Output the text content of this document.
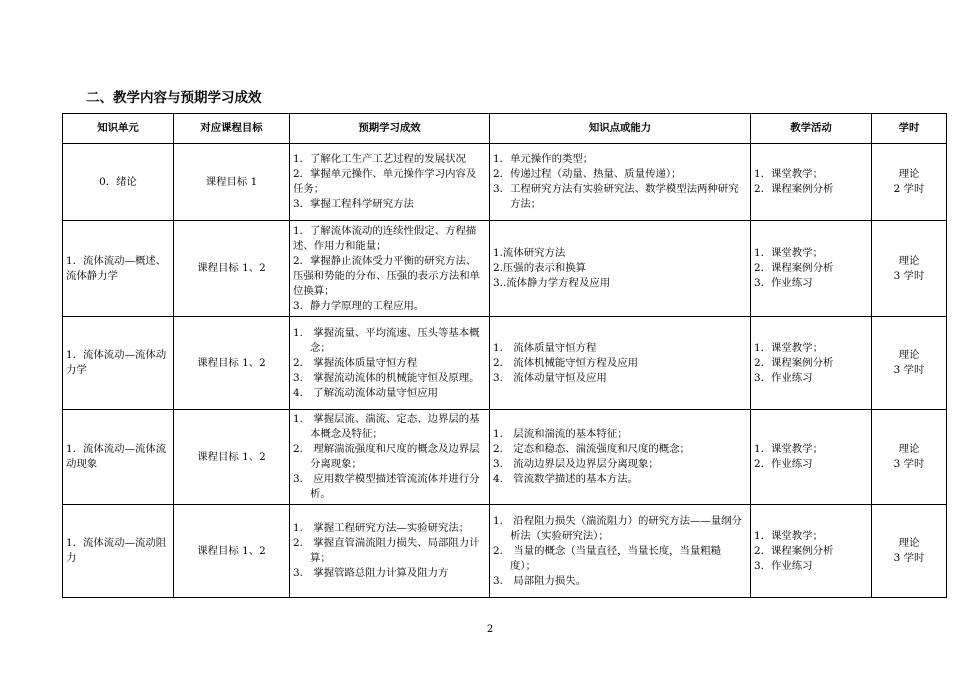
二、教学内容与预期学习成效
知识单元	对应课程目标	预期学习成效	知识点或能力	教学活动	学时
0．绪论	课程目标 1	1．了解化工生产工艺过程的发展状况
2．掌握单元操作、单元操作学习内容及任务；
3．掌握工程科学研究方法	1．单元操作的类型；
2．传递过程（动量、热量、质量传递）；
3．工程研究方法有实验研究法、数学模型法两种研究方法；	1．课堂教学；
2．课程案例分析	理论
2 学时

1．流体流动—概述、流体静力学	课程目标 1、2	1．了解流体流动的连续性假定、方程描述、作用力和能量；
2．掌握静止流体受力平衡的研究方法、压强和势能的分布、压强的表示方法和单位换算；
3．静力学原理的工程应用。	1.流体研究方法
2.压强的表示和换算
3..流体静力学方程及应用	1．课堂教学；
2．课程案例分析
3．作业练习	理论
3 学时

1．流体流动—流体动力学	课程目标 1、2	1.　掌握流量、平均流速、压头等基本概念；
2.　掌握流体质量守恒方程
3.　掌握流动流体的机械能守恒及原理。
4.　了解流动流体动量守恒应用	1.　流体质量守恒方程
2.　流体机械能守恒方程及应用
3.　流体动量守恒及应用	1．课堂教学；
2．课程案例分析
3．作业练习	理论
3 学时

1．流体流动—流体流动现象	课程目标 1、2	1.　掌握层流、湍流、定态、边界层的基本概念及特征；
2.　理解湍流强度和尺度的概念及边界层分离现象；
3.　应用数学模型描述管流流体并进行分析。	1.　层流和湍流的基本特征；
2.　定态和稳态、湍流强度和尺度的概念；
3.　流动边界层及边界层分离现象；
4.　管流数学描述的基本方法。	1．课堂教学；
2．作业练习	理论
3 学时

1．流体流动—流动阻力	课程目标 1、2	1.　掌握工程研究方法—实验研究法；
2.　掌握直管湍流阻力损失、局部阻力计算；
3.　掌握管路总阻力计算及阻力方	1.　沿程阻力损失（湍流阻力）的研究方法——量纲分析法（实验研究法）；
2.　当量的概念（当量直径，当量长度，当量粗糙度）；
3.　局部阻力损失。	1．课堂教学；
2．课程案例分析
3．作业练习	理论
3 学时
2
